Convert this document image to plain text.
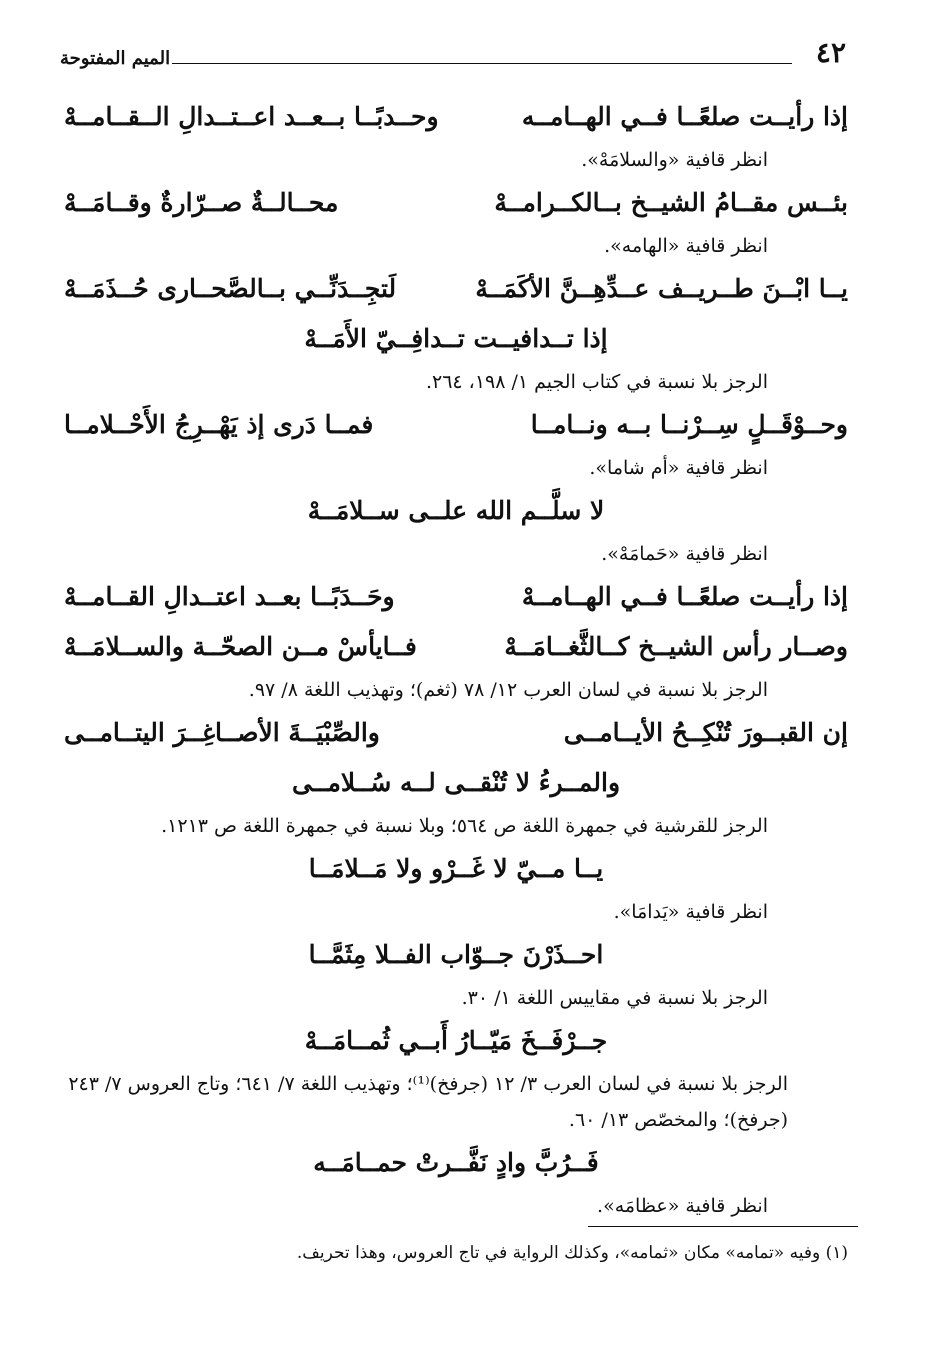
٤٢
الميم المفتوحة
إذا رأيــت صلعًــا فــي الهــامــه
وحــدبًــا بــعــد اعــتــدالِ الــقــامــهْ
انظر قافية «والسلامَهْ».
بئــس مقــامُ الشيــخ بــالكــرامــهْ
محــالــةٌ صــرّارةٌ وقــامَــهْ
انظر قافية «الهامه».
يــا ابْــنَ طــريــف عــدِّهِــنَّ الأكَمَــهْ
لَتجِــدَنِّــي بــالصَّحــارى حُــذَمَــهْ
إذا تــدافيــت تــدافِــيّ الأَمَــهْ
الرجز بلا نسبة في كتاب الجيم ١/ ١٩٨، ٢٦٤.
وحــوْقَــلٍ سِــرْنــا بــه ونــامــا
فمــا دَرى إذ يَهْــرِجُ الأَحْــلامــا
انظر قافية «أم شاما».
لا سلَّــم الله علــى ســلامَــهْ
انظر قافية «حَمامَهْ».
إذا رأيــت صلعًــا فــي الهــامــهْ
وحَــدَبًــا بعــد اعتــدالِ القــامــهْ
وصــار رأس الشيــخ كــالثَّغــامَــهْ
فــايأسْ مــن الصحّــة والســلامَــهْ
الرجز بلا نسبة في لسان العرب ١٢/ ٧٨ (ثغم)؛ وتهذيب اللغة ٨/ ٩٧.
إن القبــورَ تُنْكِــحُ الأيــامــى
والصِّبْيَــةَ الأصــاغِــرَ اليتــامــى
والمــرءُ لا تُنْقــى لــه سُــلامــى
الرجز للقرشية في جمهرة اللغة ص ٥٦٤؛ وبلا نسبة في جمهرة اللغة ص ١٢١٣.
يــا مــيّ لا غَــرْو ولا مَــلامَــا
انظر قافية «يَدامَا».
احــذَرْنَ جــوّاب الفــلا مِثَمَّــا
الرجز بلا نسبة في مقاييس اللغة ١/ ٣٠.
جــرْفَــخَ مَيّــارُ أَبــي ثُمــامَــهْ
الرجز بلا نسبة في لسان العرب ٣/ ١٢ (جرفخ)⁽¹⁾؛ وتهذيب اللغة ٧/ ٦٤١؛ وتاج العروس ٧/ ٢٤٣ (جرفخ)؛ والمخصّص ١٣/ ٦٠.
فَــرُبَّ وادٍ نَفَّــرتْ حمــامَــه
انظر قافية «عظامَه».
(١) وفيه «تمامه» مكان «ثمامه»، وكذلك الرواية في تاج العروس، وهذا تحريف.
